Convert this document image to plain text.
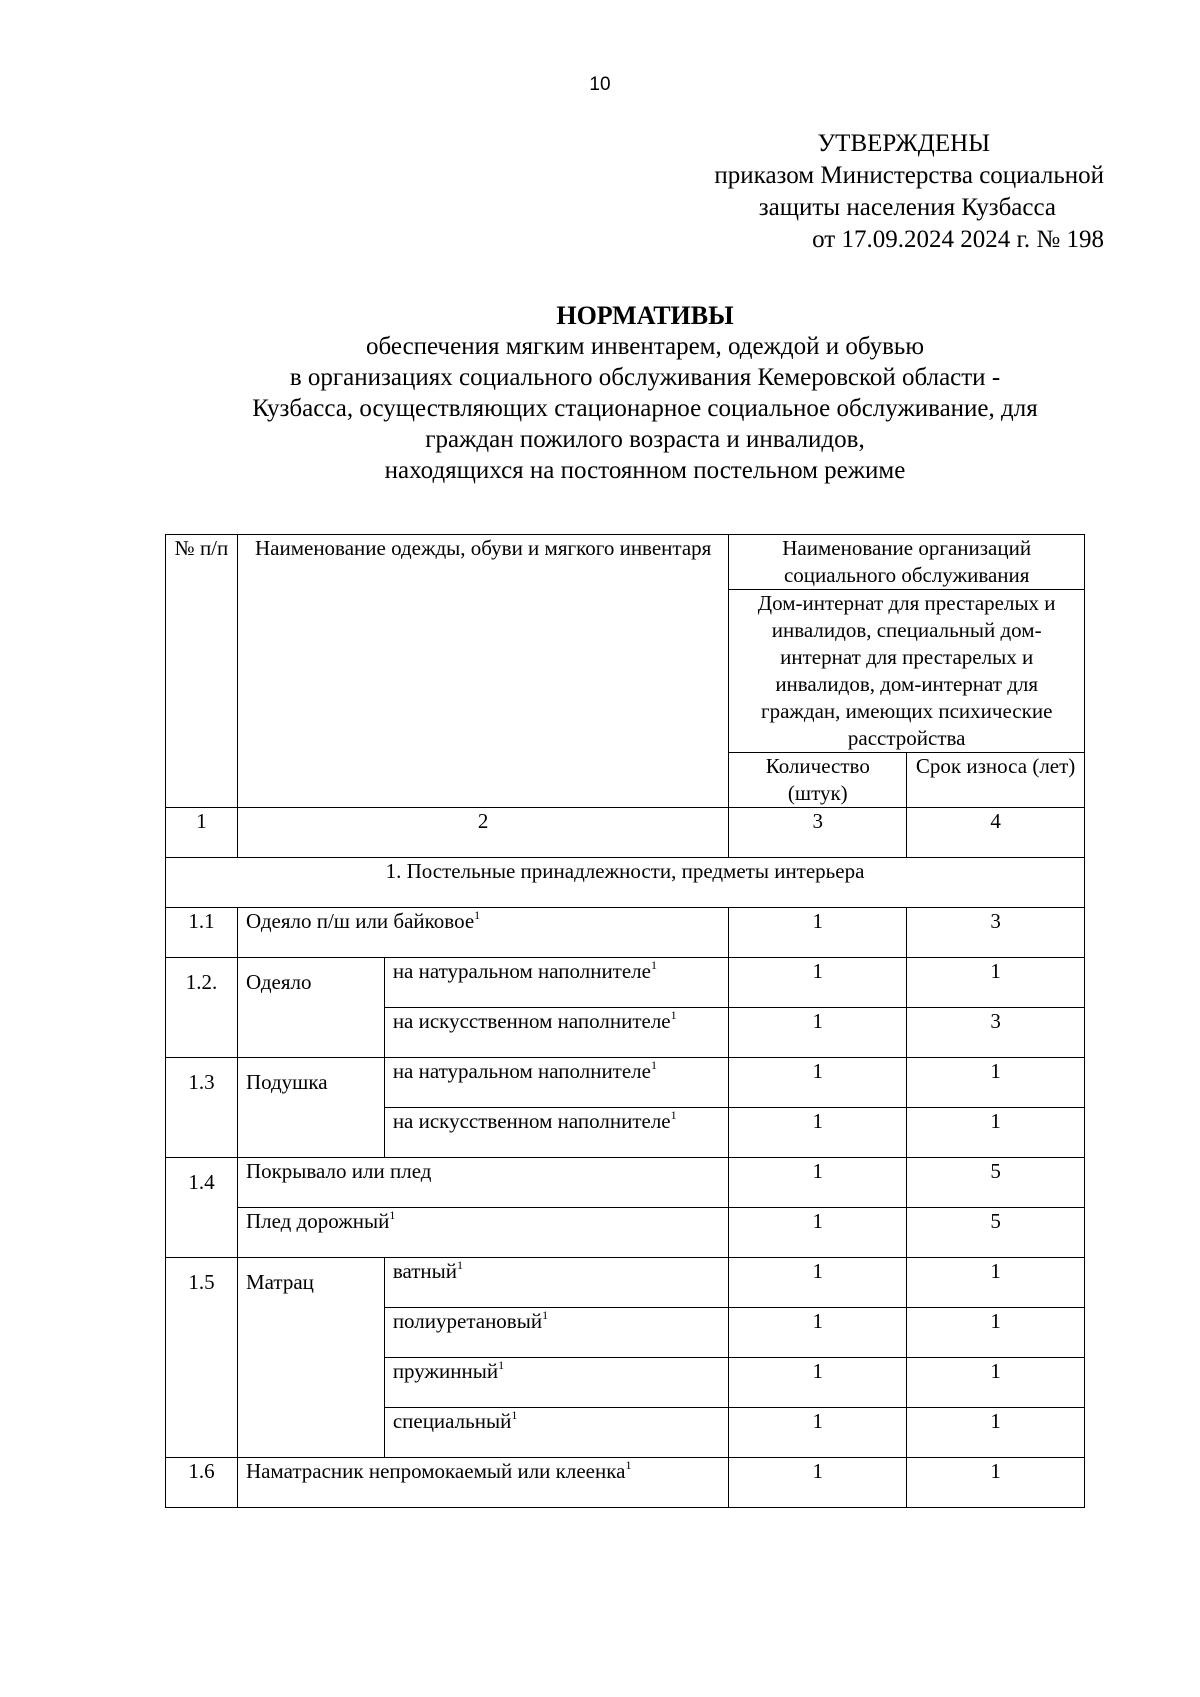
10
УТВЕРЖДЕНЫ
приказом Министерства социальной
защиты населения Кузбасса
от 17.09.2024 2024 г. № 198
НОРМАТИВЫ
обеспечения мягким инвентарем, одеждой и обувью
в организациях социального обслуживания Кемеровской области -
Кузбасса, осуществляющих стационарное социальное обслуживание, для
граждан пожилого возраста и инвалидов,
находящихся на постоянном постельном режиме
№ п/п	Наименование одежды, обуви и мягкого инвентаря		Наименование организаций социального обслуживания	
			Дом-интернат для престарелых и инвалидов, специальный дом-интернат для престарелых и инвалидов, дом-интернат для граждан, имеющих психические расстройства	
			Количество (штук)	Срок износа (лет)
1	2		3	4
1. Постельные принадлежности, предметы интерьера				
1.1	Одеяло п/ш или байковое$^1$		1	3
1.2.	Одеяло	на натуральном наполнителе$^1$	1	1
		на искусственном наполнителе$^1$	1	3
1.3	Подушка	на натуральном наполнителе$^1$	1	1
		на искусственном наполнителе$^1$	1	1
1.4	Покрывало или плед		1	5
	Плед дорожный$^1$		1	5
1.5	Матрац	ватный$^1$	1	1
		полиуретановый$^1$	1	1
		пружинный$^1$	1	1
		специальный$^1$	1	1
1.6	Наматрасник непромокаемый или клеенка$^1$		1	1
